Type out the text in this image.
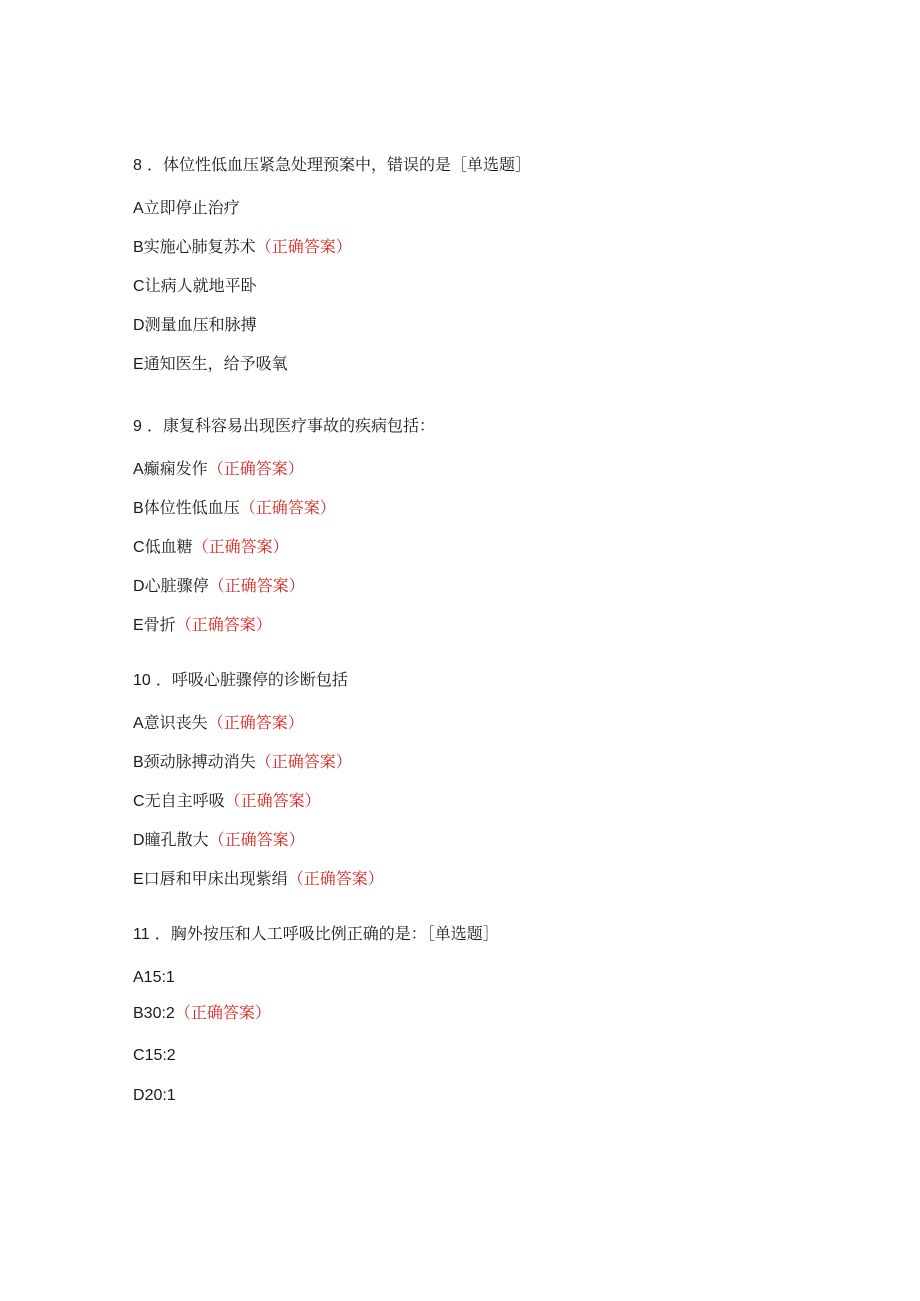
8 ．体位性低血压紧急处理预案中，错误的是［单选题］
A立即停止治疗
B实施心肺复苏术（正确答案）
C让病人就地平卧
D测量血压和脉搏
E通知医生，给予吸氧
9 ．康复科容易出现医疗事故的疾病包括：
A癫痫发作（正确答案）
B体位性低血压（正确答案）
C低血糖（正确答案）
D心脏骤停（正确答案）
E骨折（正确答案）
10 ．呼吸心脏骤停的诊断包括
A意识丧失（正确答案）
B颈动脉搏动消失（正确答案）
C无自主呼吸（正确答案）
D瞳孔散大（正确答案）
E口唇和甲床出现紫绢（正确答案）
11 ．胸外按压和人工呼吸比例正确的是：［单选题］
A15:1
B30:2（正确答案）
C15:2
D20:1
